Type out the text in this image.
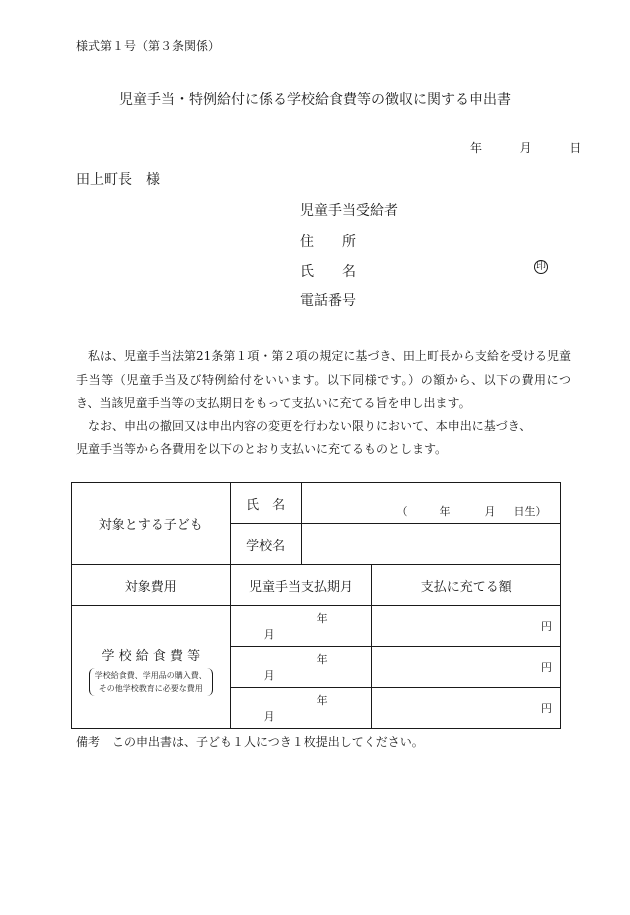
様式第１号（第３条関係）
児童手当・特例給付に係る学校給食費等の徴収に関する申出書
年	月	日
田上町長　様
児童手当受給者
住　　所
氏　　名	印
電話番号
私は、児童手当法第21条第１項・第２項の規定に基づき、田上町長から支給を受ける児童手当等（児童手当及び特例給付をいいます。以下同様です。）の額から、以下の費用につき、当該児童手当等の支払期日をもって支払いに充てる旨を申し出ます。
なお、申出の撤回又は申出内容の変更を行わない限りにおいて、本申出に基づき、
児童手当等から各費用を以下のとおり支払いに充てるものとします。
対象とする子ども	氏　名	（ 年 月 日生）	

	学校名		
対象費用	児童手当支払期月		支払に充てる額

学 校 給 食 費 等
学校給食費、学用品の購入費、
その他学校教育に必要な費用	年月		円
	年月		円
	年月		円
備考　この申出書は、子ども１人につき１枚提出してください。
